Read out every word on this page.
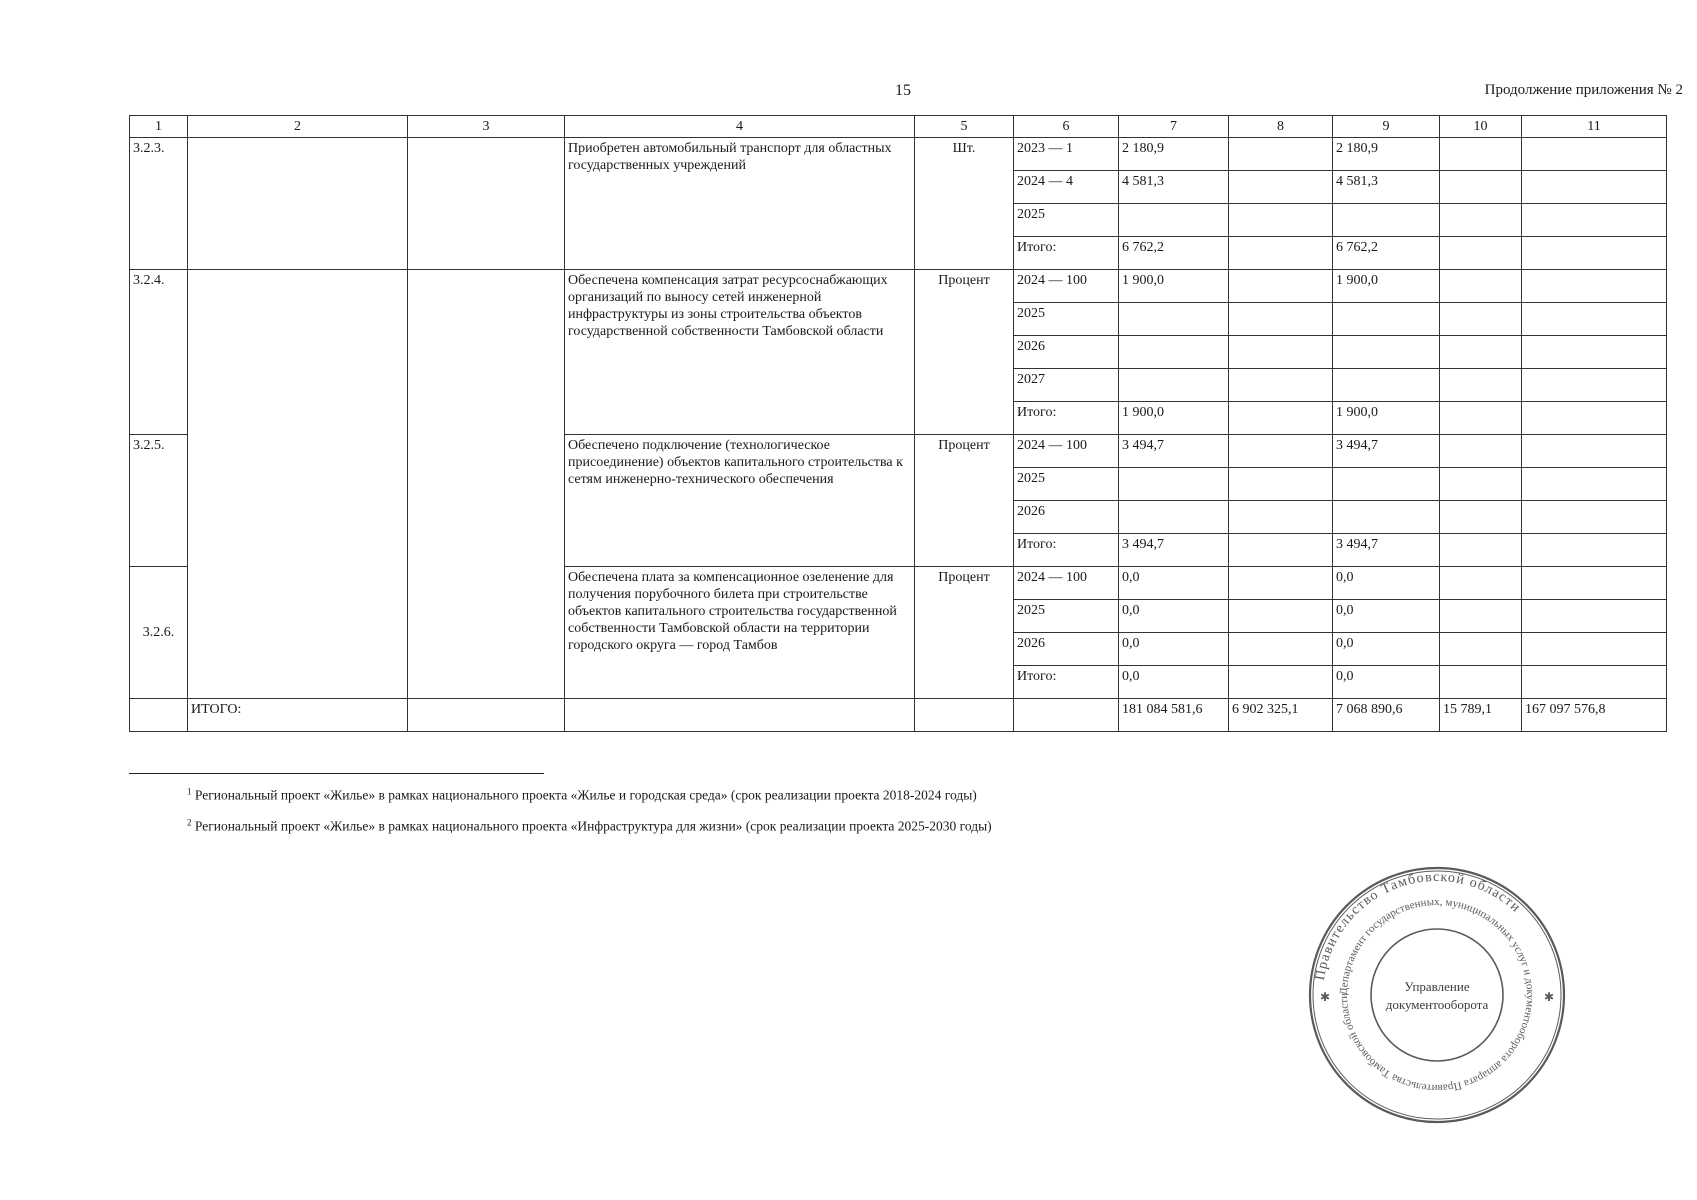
15	Продолжение приложения № 2
1	2	3	4	5	6	7	8	9	10	11
3.2.3.			Приобретен автомобильный транспорт для областных государственных учреждений	Шт.	2023 — 1	2 180,9		2 180,9		
					2024 — 4	4 581,3		4 581,3		
					2025					
					Итого:	6 762,2		6 762,2		
3.2.4.			Обеспечена компенсация затрат ресурсоснабжающих организаций по выносу сетей инженерной инфраструктуры из зоны строительства объектов государственной собственности Тамбовской области	Процент	2024 — 100	1 900,0		1 900,0		
					2025					
					2026					
					2027					
					Итого:	1 900,0		1 900,0		
3.2.5.			Обеспечено подключение (технологическое присоединение) объектов капитального строительства к сетям инженерно-технического обеспечения	Процент	2024 — 100	3 494,7		3 494,7		
					2025					
					2026					
					Итого:	3 494,7		3 494,7		
3.2.6.			Обеспечена плата за компенсационное озеленение для получения порубочного билета при строительстве объектов капитального строительства государственной собственности Тамбовской области на территории городского округа — город Тамбов	Процент	2024 — 100	0,0		0,0		
					2025	0,0		0,0		
					2026	0,0		0,0		
					Итого:	0,0		0,0		
	ИТОГО:					181 084 581,6	6 902 325,1	7 068 890,6	15 789,1	167 097 576,8
$^1$ Региональный проект «Жилье» в рамках национального проекта «Жилье и городская среда» (срок реализации проекта 2018-2024 годы)
$^2$ Региональный проект «Жилье» в рамках национального проекта «Инфраструктура для жизни» (срок реализации проекта 2025-2030 годы)
Правительство Тамбовской области
Департамент государственных, муниципальных услуг и документооборота аппарата Правительства Тамбовской области
Управление
документооборота
✱	✱
